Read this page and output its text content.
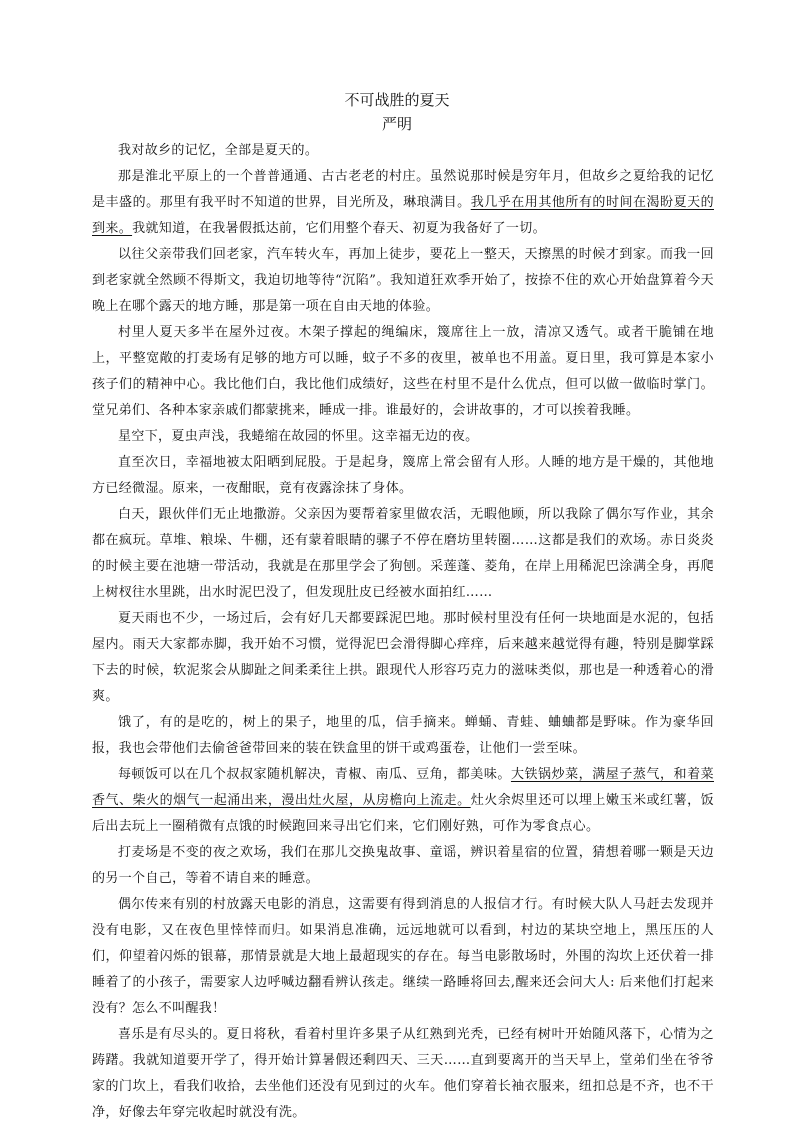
不可战胜的夏天
严明

我对故乡的记忆，全部是夏天的。

那是淮北平原上的一个普普通通、古古老老的村庄。虽然说那时候是穷年月，但故乡之夏给我的记忆是丰盛的。那里有我平时不知道的世界，目光所及，琳琅满目。我几乎在用其他所有的时间在渴盼夏天的到来。我就知道，在我暑假抵达前，它们用整个春天、初夏为我备好了一切。

以往父亲带我们回老家，汽车转火车，再加上徒步，要花上一整天，天擦黑的时候才到家。而我一回到老家就全然顾不得斯文，我迫切地等待“沉陷”。我知道狂欢季开始了，按捺不住的欢心开始盘算着今天晚上在哪个露天的地方睡，那是第一项在自由天地的体验。

村里人夏天多半在屋外过夜。木架子撑起的绳编床，篾席往上一放，清凉又透气。或者干脆铺在地上，平整宽敞的打麦场有足够的地方可以睡，蚊子不多的夜里，被单也不用盖。夏日里，我可算是本家小孩子们的精神中心。我比他们白，我比他们成绩好，这些在村里不是什么优点，但可以做一做临时掌门。堂兄弟们、各种本家亲戚们都蒙挑来，睡成一排。谁最好的，会讲故事的，才可以挨着我睡。

星空下，夏虫声浅，我蜷缩在故园的怀里。这幸福无边的夜。

直至次日，幸福地被太阳晒到屁股。于是起身，篾席上常会留有人形。人睡的地方是干燥的，其他地方已经微湿。原来，一夜酣眠，竟有夜露涂抹了身体。

白天，跟伙伴们无止地撒游。父亲因为要帮着家里做农活，无暇他顾，所以我除了偶尔写作业，其余都在疯玩。草堆、粮垛、牛棚，还有蒙着眼睛的骡子不停在磨坊里转圈……这都是我们的欢场。赤日炎炎的时候主要在池塘一带活动，我就是在那里学会了狗刨。采莲蓬、菱角，在岸上用稀泥巴涂满全身，再爬上树杈往水里跳，出水时泥巴没了，但发现肚皮已经被水面拍红……

夏天雨也不少，一场过后，会有好几天都要踩泥巴地。那时候村里没有任何一块地面是水泥的，包括屋内。雨天大家都赤脚，我开始不习惯，觉得泥巴会滑得脚心痒痒，后来越来越觉得有趣，特别是脚掌踩下去的时候，软泥浆会从脚趾之间柔柔往上拱。跟现代人形容巧克力的滋味类似，那也是一种透着心的滑爽。

饿了，有的是吃的，树上的果子，地里的瓜，信手摘来。蝉蛹、青蛙、蛐蛐都是野味。作为豪华回报，我也会带他们去偷爸爸带回来的装在铁盒里的饼干或鸡蛋卷，让他们一尝至味。

每顿饭可以在几个叔叔家随机解决，青椒、南瓜、豆角，都美味。大铁锅炒菜，满屋子蒸气，和着菜香气、柴火的烟气一起涌出来，漫出灶火屋，从房檐向上流走。灶火余烬里还可以埋上嫩玉米或红薯，饭后出去玩上一圈稍微有点饿的时候跑回来寻出它们来，它们刚好熟，可作为零食点心。

打麦场是不变的夜之欢场，我们在那儿交换鬼故事、童谣，辨识着星宿的位置，猜想着哪一颗是天边的另一个自己，等着不请自来的睡意。

偶尔传来有别的村放露天电影的消息，这需要有得到消息的人报信才行。有时候大队人马赶去发现并没有电影，又在夜色里悻悻而归。如果消息准确，远远地就可以看到，村边的某块空地上，黑压压的人们，仰望着闪烁的银幕，那情景就是大地上最超现实的存在。每当电影散场时，外围的沟坎上还伏着一排睡着了的小孩子，需要家人边呼喊边翻看辨认孩走。继续一路睡将回去,醒来还会问大人: 后来他们打起来没有？怎么不叫醒我！

喜乐是有尽头的。夏日将秋，看着村里许多果子从红熟到光秃，已经有树叶开始随风落下，心情为之踌躇。我就知道要开学了，得开始计算暑假还剩四天、三天……直到要离开的当天早上，堂弟们坐在爷爷家的门坎上，看我们收拾，去坐他们还没有见到过的火车。他们穿着长袖衣服来，纽扣总是不齐，也不干净，好像去年穿完收起时就没有洗。
